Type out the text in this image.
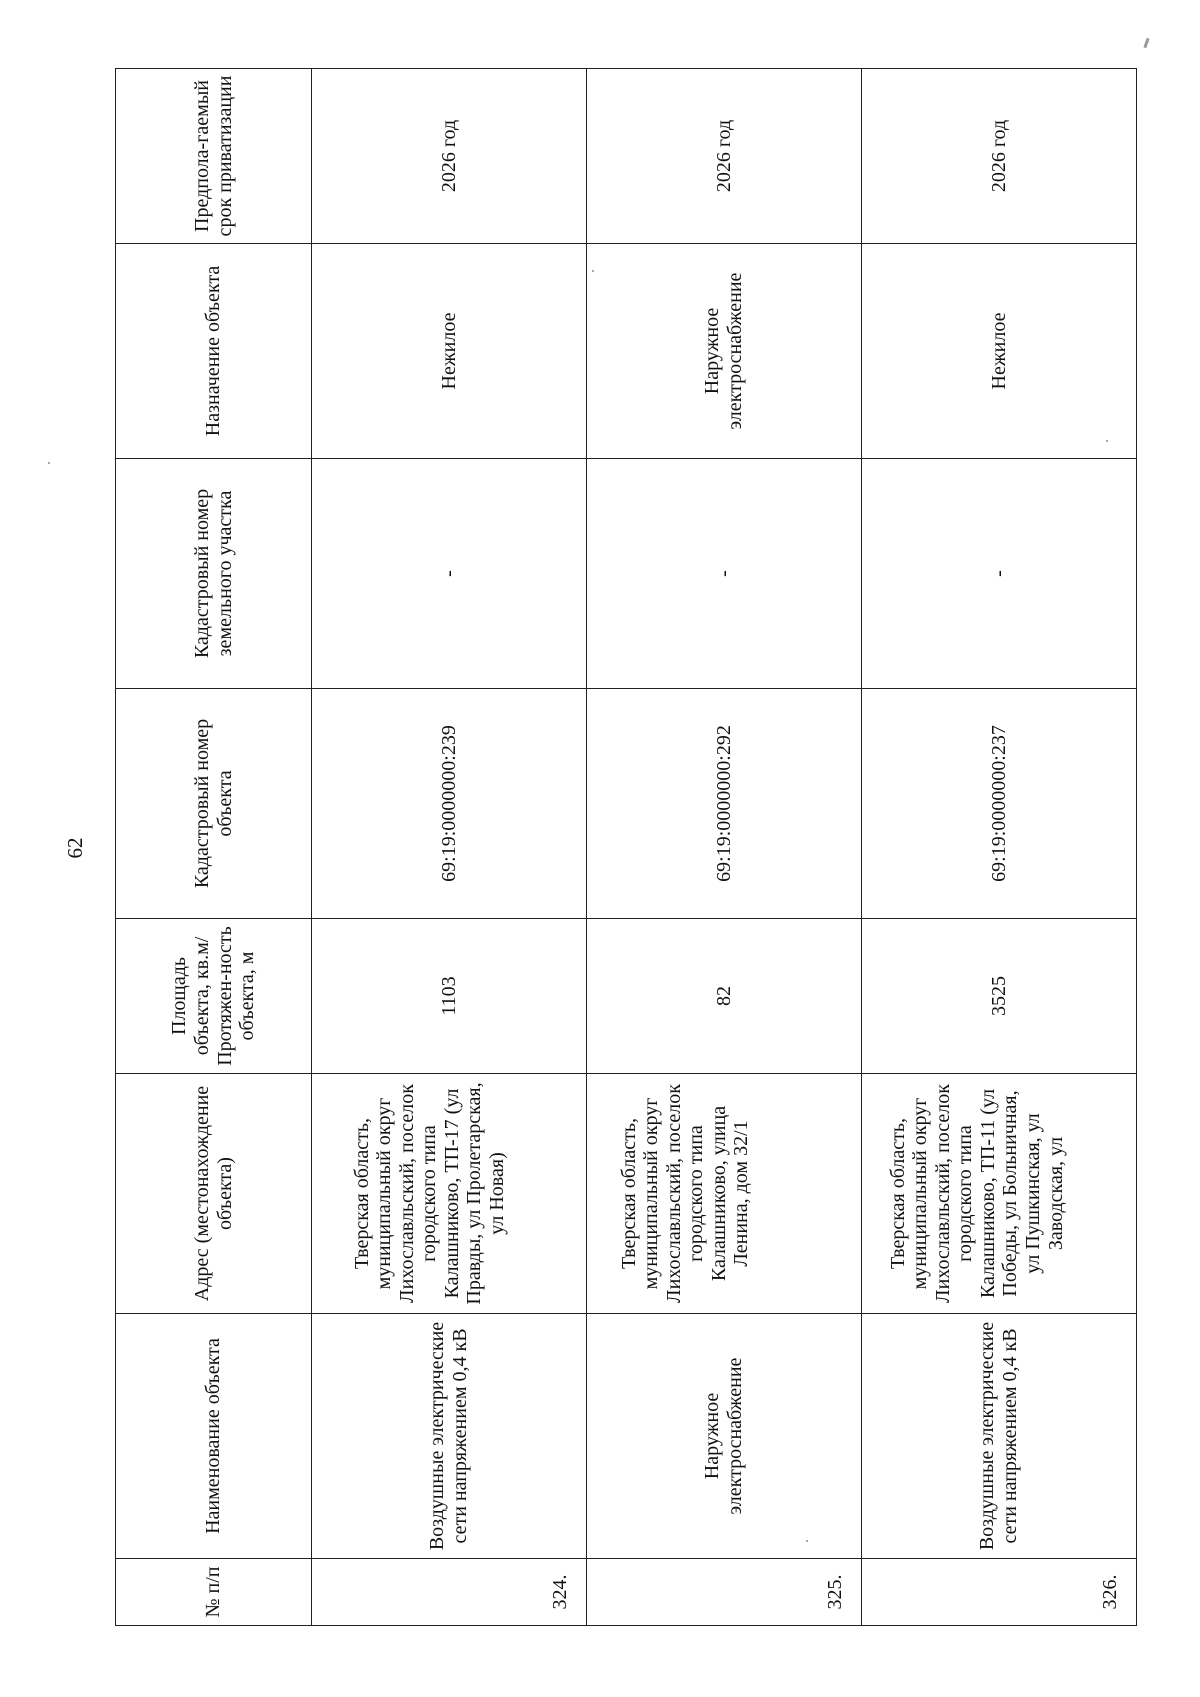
62
№ п/п	Наименование объекта	Адрес (местонахождение объекта)	Площадь объекта, кв.м/ Протяжен-ность объекта, м	Кадастровый номер объекта	Кадастровый номер земельного участка	Назначение объекта	Предпола-гаемый срок приватизации
324.	Воздушные электрические сети напряжением 0,4 кВ	Тверская область, муниципальный округ Лихославльский, поселок городского типа Калашниково, ТП-17 (ул Правды, ул Пролетарская, ул Новая)	1103	69:19:0000000:239	-	Нежилое	2026 год
325.	Наружное электроснабжение	Тверская область, муниципальный округ Лихославльский, поселок городского типа Калашниково, улица Ленина, дом 32/1	82	69:19:0000000:292	-	Наружное электроснабжение	2026 год
326.	Воздушные электрические сети напряжением 0,4 кВ	Тверская область, муниципальный округ Лихославльский, поселок городского типа Калашниково, ТП-11 (ул Победы, ул Больничная, ул Пушкинская, ул Заводская, ул	3525	69:19:0000000:237	-	Нежилое	2026 год
